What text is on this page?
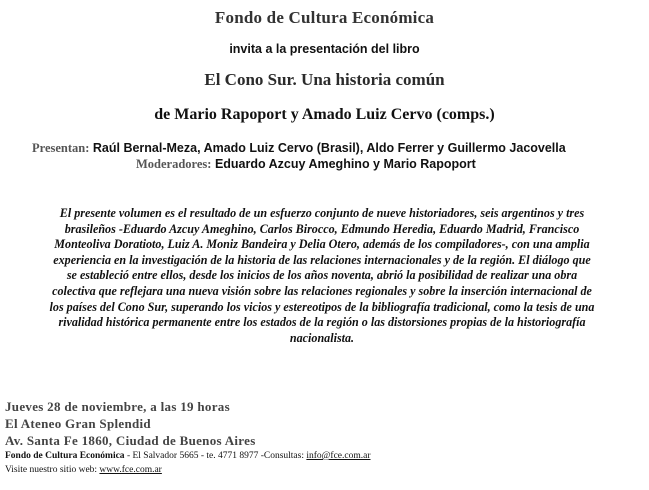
Fondo de Cultura Económica
invita a la presentación del libro
El Cono Sur. Una historia común
de Mario Rapoport y Amado Luiz Cervo (comps.)
Presentan: Raúl Bernal-Meza, Amado Luiz Cervo (Brasil), Aldo Ferrer y Guillermo Jacovella
Moderadores: Eduardo Azcuy Ameghino y Mario Rapoport
El presente volumen es el resultado de un esfuerzo conjunto de nueve historiadores, seis argentinos y tres
brasileños -Eduardo Azcuy Ameghino, Carlos Birocco, Edmundo Heredia, Eduardo Madrid, Francisco
Monteoliva Doratioto, Luiz A. Moniz Bandeira y Delia Otero, además de los compiladores-, con una amplia
experiencia en la investigación de la historia de las relaciones internacionales y de la región. El diálogo que
se estableció entre ellos, desde los inicios de los años noventa, abrió la posibilidad de realizar una obra
colectiva que reflejara una nueva visión sobre las relaciones regionales y sobre la inserción internacional de
los países del Cono Sur, superando los vicios y estereotipos de la bibliografía tradicional, como la tesis de una
rivalidad histórica permanente entre los estados de la región o las distorsiones propias de la historiografía
nacionalista.
Jueves 28 de noviembre, a las 19 horas
El Ateneo Gran Splendid
Av. Santa Fe 1860, Ciudad de Buenos Aires
Fondo de Cultura Económica - El Salvador 5665 - te. 4771 8977 -Consultas: info@fce.com.ar
Visite nuestro sitio web: www.fce.com.ar
